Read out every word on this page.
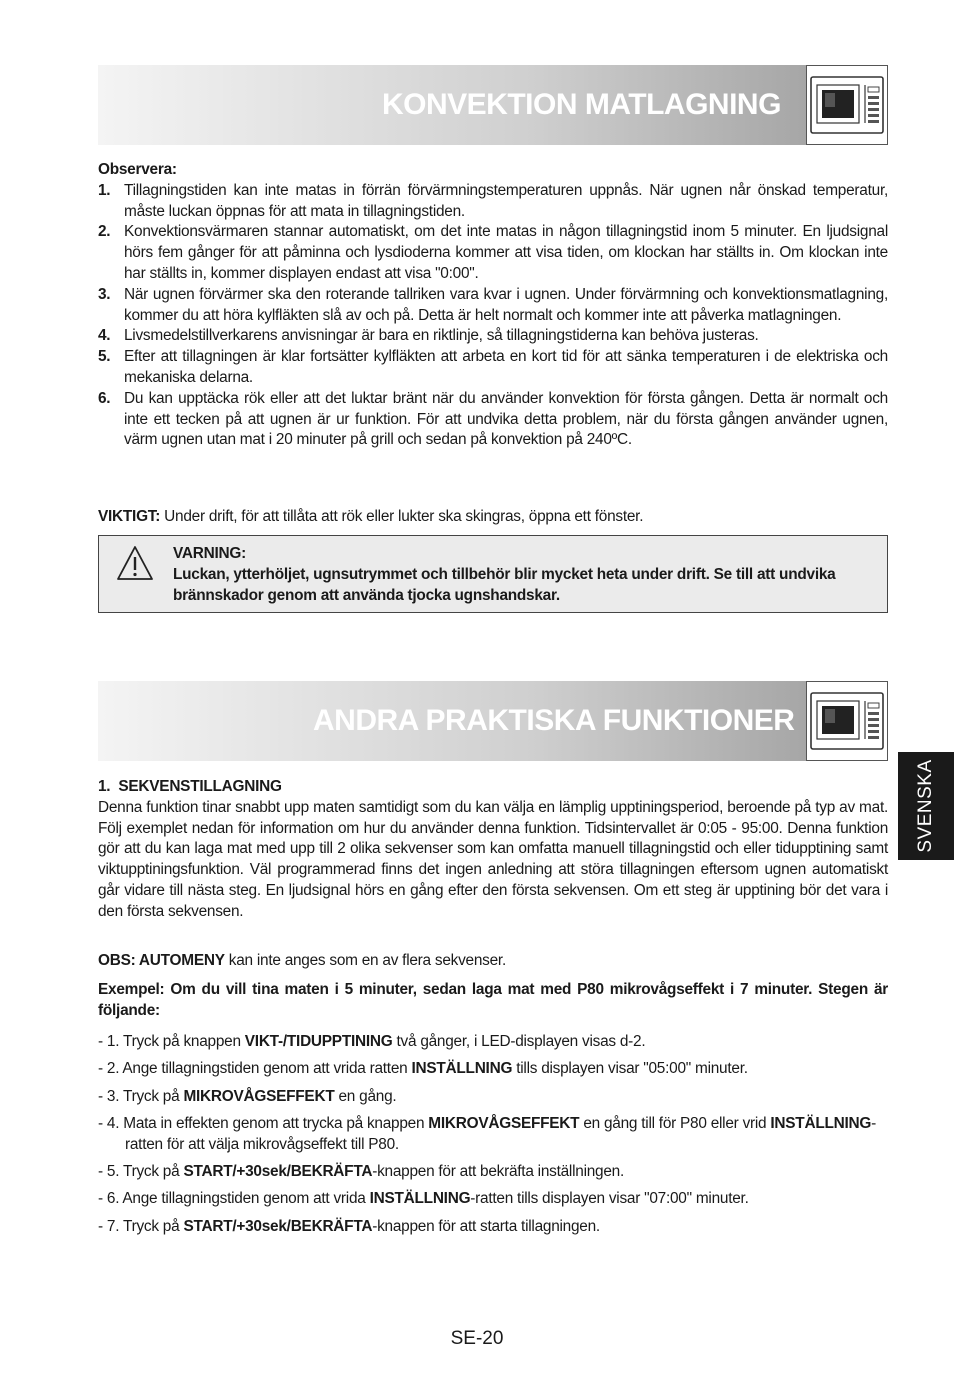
KONVEKTION MATLAGNING
Observera:
1. Tillagningstiden kan inte matas in förrän förvärmningstemperaturen uppnås. När ugnen når önskad temperatur, måste luckan öppnas för att mata in tillagningstiden.
2. Konvektionsvärmaren stannar automatiskt, om det inte matas in någon tillagningstid inom 5 minuter. En ljudsignal hörs fem gånger för att påminna och lysdioderna kommer att visa tiden, om klockan har ställts in. Om klockan inte har ställts in, kommer displayen endast att visa "0:00".
3. När ugnen förvärmer ska den roterande tallriken vara kvar i ugnen. Under förvärmning och konvektionsmatlagning, kommer du att höra kylfläkten slå av och på. Detta är helt normalt och kommer inte att påverka matlagningen.
4. Livsmedelstillverkarens anvisningar är bara en riktlinje, så tillagningstiderna kan behöva justeras.
5. Efter att tillagningen är klar fortsätter kylfläkten att arbeta en kort tid för att sänka temperaturen i de elektriska och mekaniska delarna.
6. Du kan upptäcka rök eller att det luktar bränt när du använder konvektion för första gången. Detta är normalt och inte ett tecken på att ugnen är ur funktion. För att undvika detta problem, när du första gången använder ugnen, värm ugnen utan mat i 20 minuter på grill och sedan på konvektion på 240ºC.
VIKTIGT: Under drift, för att tillåta att rök eller lukter ska skingras, öppna ett fönster.
VARNING:
Luckan, ytterhöljet, ugnsutrymmet och tillbehör blir mycket heta under drift. Se till att undvika brännskador genom att använda tjocka ugnshandskar.
ANDRA PRAKTISKA FUNKTIONER
1.  SEKVENSTILLAGNING
Denna funktion tinar snabbt upp maten samtidigt som du kan välja en lämplig upptiningsperiod, beroende på typ av mat. Följ exemplet nedan för information om hur du använder denna funktion. Tidsintervallet är 0:05 - 95:00. Denna funktion gör att du kan laga mat med upp till 2 olika sekvenser som kan omfatta manuell tillagningstid och eller tidupptining samt viktupptiningsfunktion. Väl programmerad finns det ingen anledning att störa tillagningen eftersom ugnen automatiskt går vidare till nästa steg. En ljudsignal hörs en gång efter den första sekvensen. Om ett steg är upptining bör det vara i den första sekvensen.
OBS: AUTOMENY kan inte anges som en av flera sekvenser.
Exempel: Om du vill tina maten i 5 minuter, sedan laga mat med P80 mikrovågseffekt i 7 minuter. Stegen är följande:
- 1. Tryck på knappen VIKT-/TIDUPPTINING två gånger, i LED-displayen visas d-2.
- 2. Ange tillagningstiden genom att vrida ratten INSTÄLLNING tills displayen visar "05:00" minuter.
- 3. Tryck på MIKROVÅGSEFFEKT en gång.
- 4. Mata in effekten genom att trycka på knappen MIKROVÅGSEFFEKT en gång till för P80 eller vrid INSTÄLLNING-ratten för att välja mikrovågseffekt till P80.
- 5. Tryck på START/+30sek/BEKRÄFTA-knappen för att bekräfta inställningen.
- 6. Ange tillagningstiden genom att vrida INSTÄLLNING-ratten tills displayen visar "07:00" minuter.
- 7. Tryck på START/+30sek/BEKRÄFTA-knappen för att starta tillagningen.
SVENSKA
SE-20
